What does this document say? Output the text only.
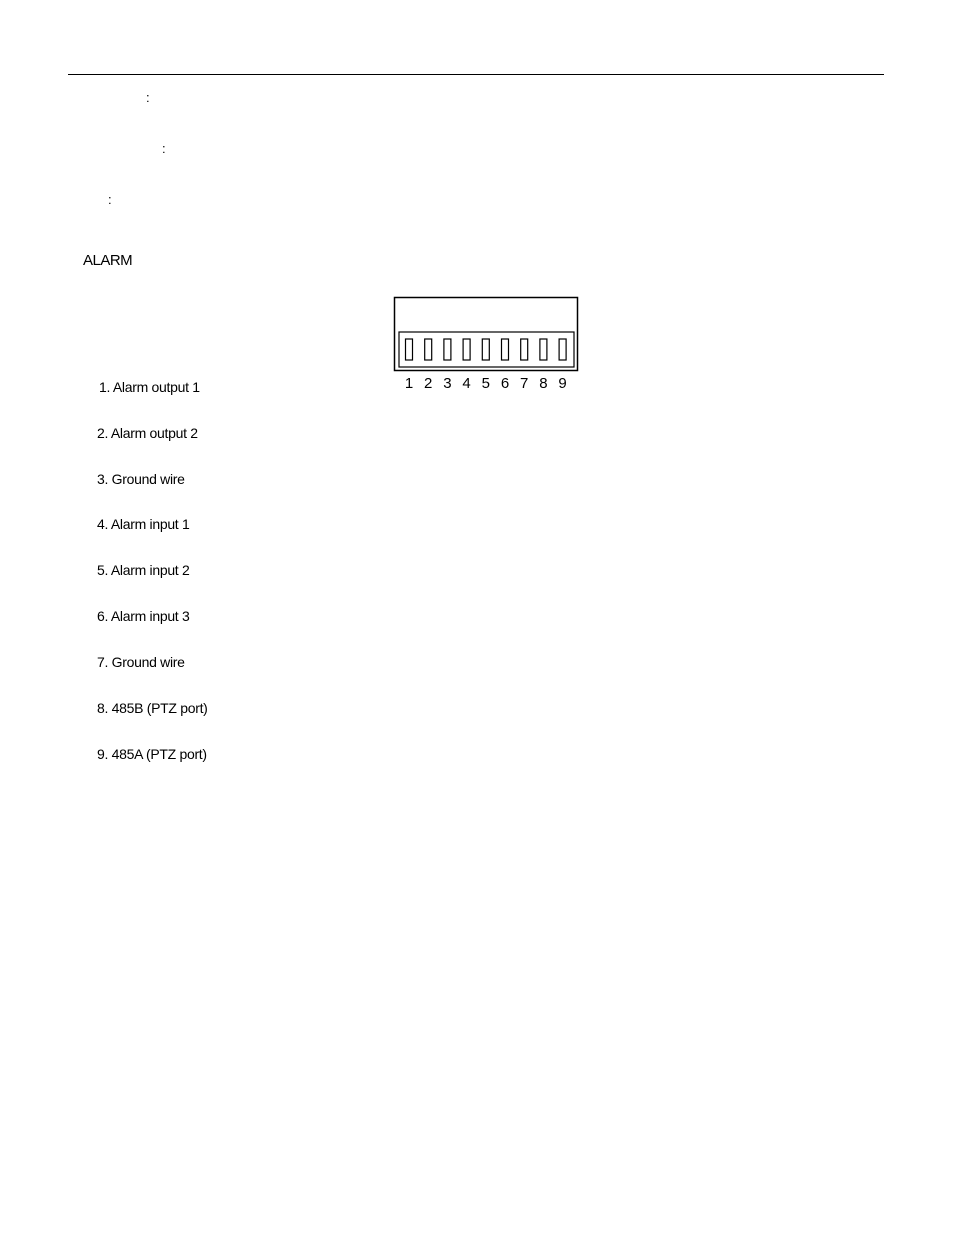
:
:
:
ALARM
1 2 3 4 5 6 7 8 9
1. Alarm output 1
2. Alarm output 2
3. Ground wire
4. Alarm input 1
5. Alarm input 2
6. Alarm input 3
7. Ground wire
8. 485B (PTZ port)
9. 485A (PTZ port)
